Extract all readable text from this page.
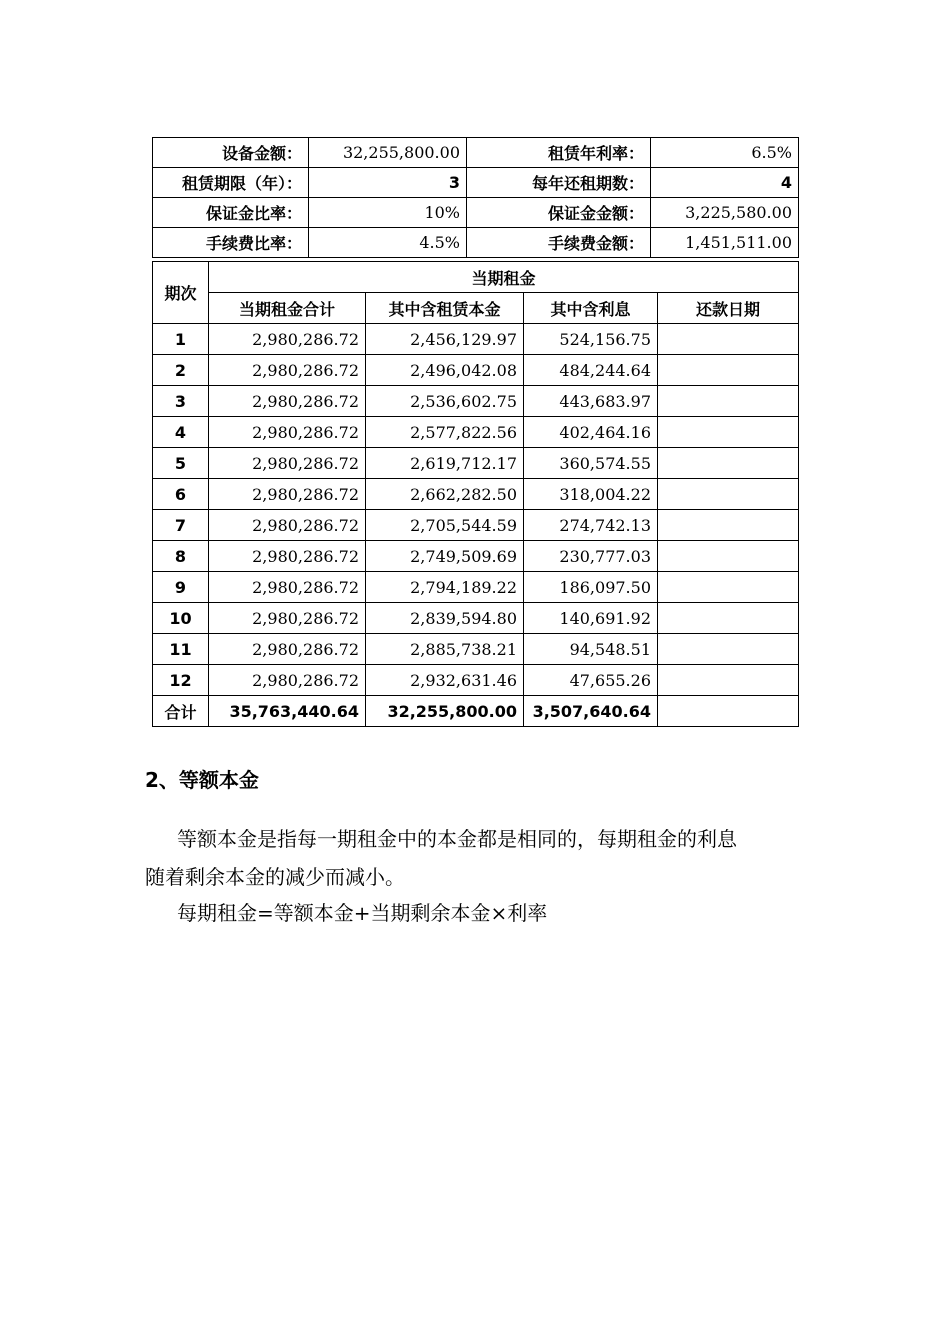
设备金额：	32,255,800.00	租赁年利率：	6.5%
租赁期限（年）：	3	每年还租期数：	4
保证金比率：	10%	保证金金额：	3,225,580.00
手续费比率：	4.5%	手续费金额：	1,451,511.00
期次	当期租金			
	当期租金合计	其中含租赁本金	其中含利息	还款日期
1	2,980,286.72	2,456,129.97	524,156.75	
2	2,980,286.72	2,496,042.08	484,244.64	
3	2,980,286.72	2,536,602.75	443,683.97	
4	2,980,286.72	2,577,822.56	402,464.16	
5	2,980,286.72	2,619,712.17	360,574.55	
6	2,980,286.72	2,662,282.50	318,004.22	
7	2,980,286.72	2,705,544.59	274,742.13	
8	2,980,286.72	2,749,509.69	230,777.03	
9	2,980,286.72	2,794,189.22	186,097.50	
10	2,980,286.72	2,839,594.80	140,691.92	
11	2,980,286.72	2,885,738.21	94,548.51	
12	2,980,286.72	2,932,631.46	47,655.26	
合计	35,763,440.64	32,255,800.00	3,507,640.64	
2、等额本金
等额本金是指每一期租金中的本金都是相同的，每期租金的利息
随着剩余本金的减少而减小。
每期租金=等额本金+当期剩余本金×利率
